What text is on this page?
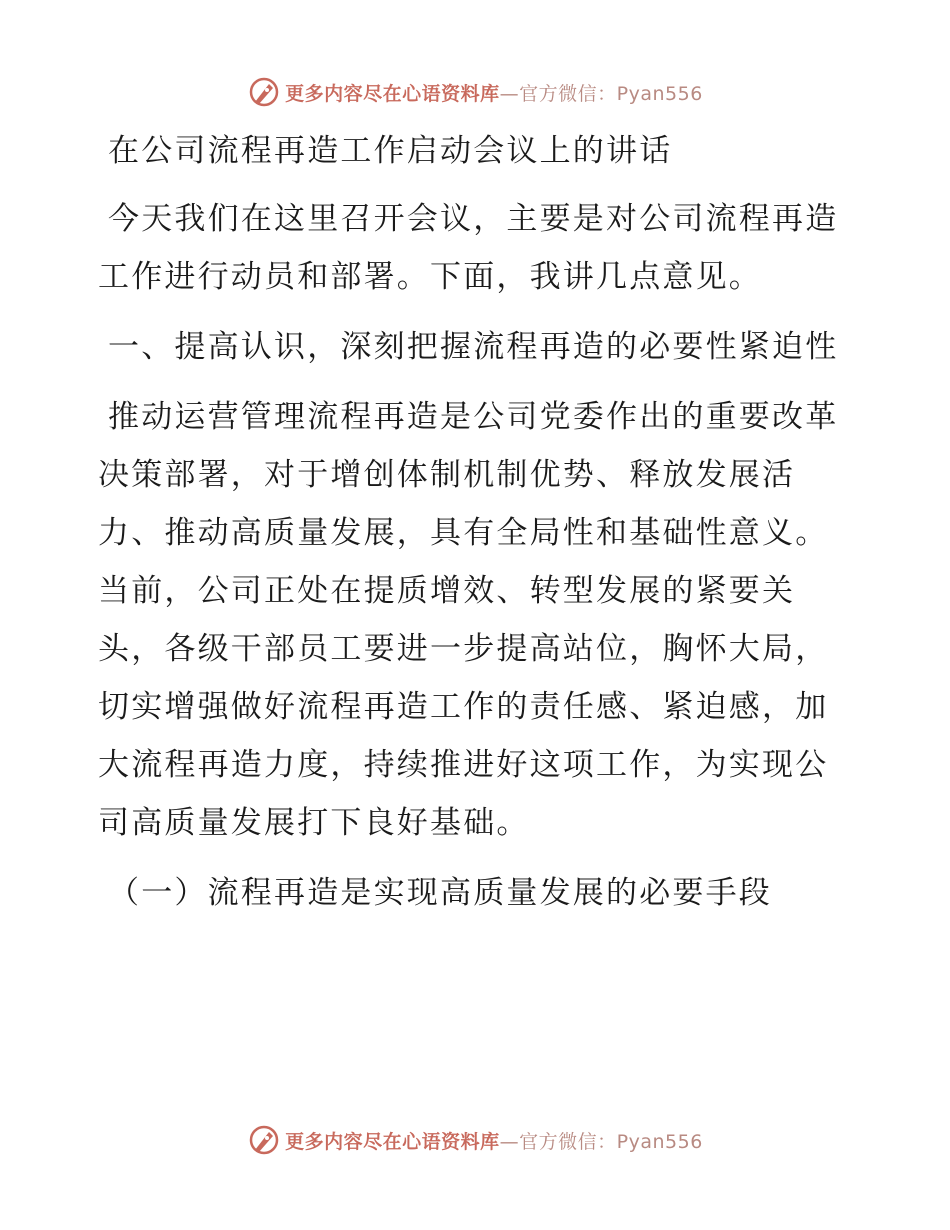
更多内容尽在心语资料库 —官方微信：Pyan556

在公司流程再造工作启动会议上的讲话

今天我们在这里召开会议，主要是对公司流程再造工作进行动员和部署。下面，我讲几点意见。

一、提高认识，深刻把握流程再造的必要性紧迫性

推动运营管理流程再造是公司党委作出的重要改革决策部署，对于增创体制机制优势、释放发展活力、推动高质量发展，具有全局性和基础性意义。当前，公司正处在提质增效、转型发展的紧要关头，各级干部员工要进一步提高站位，胸怀大局，切实增强做好流程再造工作的责任感、紧迫感，加大流程再造力度，持续推进好这项工作，为实现公司高质量发展打下良好基础。

（一）流程再造是实现高质量发展的必要手段

更多内容尽在心语资料库 —官方微信：Pyan556
